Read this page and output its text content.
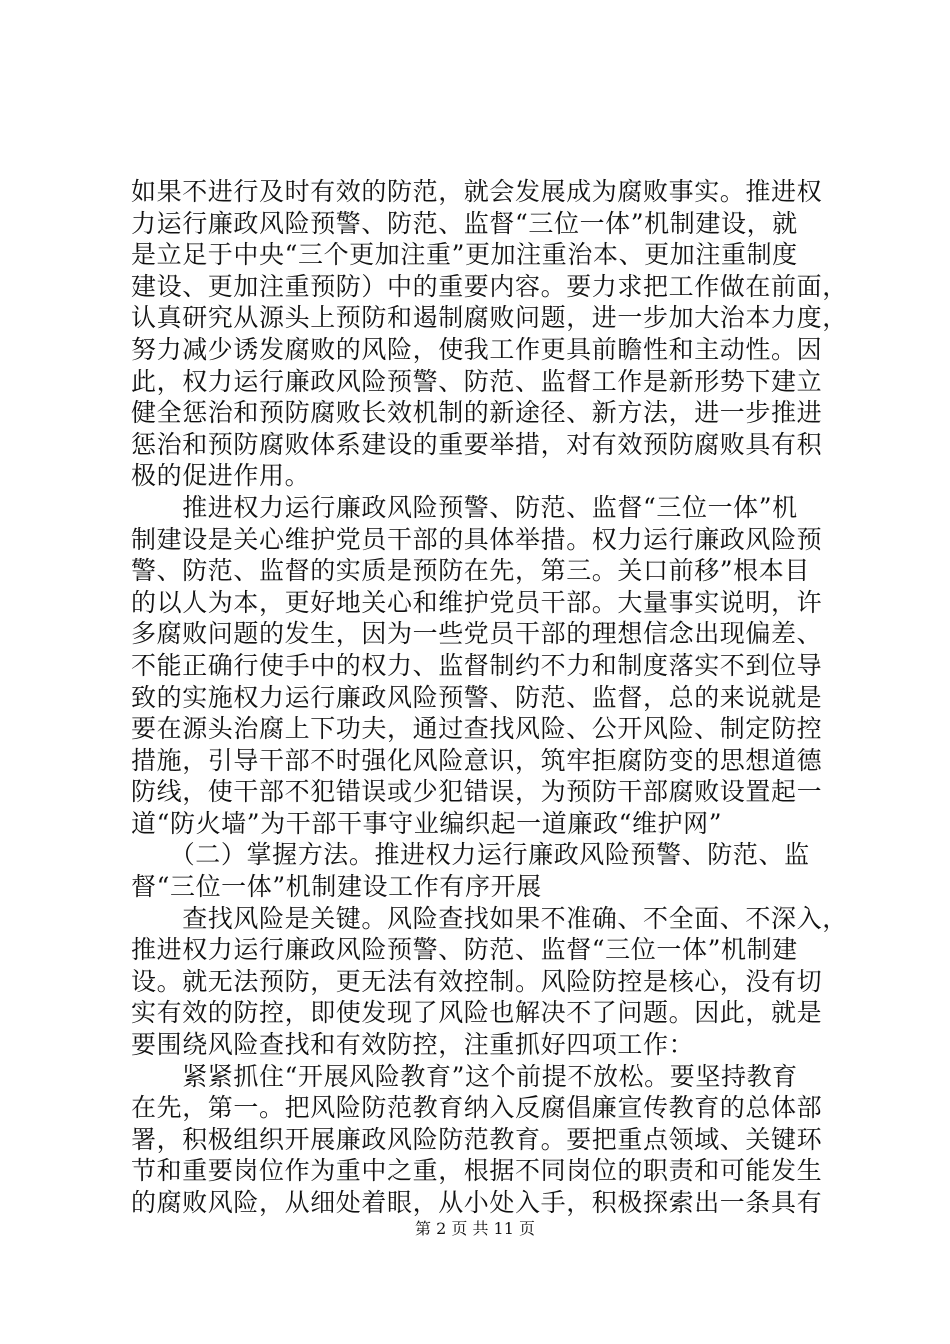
如果不进行及时有效的防范，就会发展成为腐败事实。推进权
力运行廉政风险预警、防范、监督“三位一体”机制建设，就
是立足于中央“三个更加注重”更加注重治本、更加注重制度
建设、更加注重预防）中的重要内容。要力求把工作做在前面，
认真研究从源头上预防和遏制腐败问题，进一步加大治本力度，
努力减少诱发腐败的风险，使我工作更具前瞻性和主动性。因
此，权力运行廉政风险预警、防范、监督工作是新形势下建立
健全惩治和预防腐败长效机制的新途径、新方法，进一步推进
惩治和预防腐败体系建设的重要举措，对有效预防腐败具有积
极的促进作用。
　　推进权力运行廉政风险预警、防范、监督“三位一体”机
制建设是关心维护党员干部的具体举措。权力运行廉政风险预
警、防范、监督的实质是预防在先，第三。关口前移”根本目
的以人为本，更好地关心和维护党员干部。大量事实说明，许
多腐败问题的发生，因为一些党员干部的理想信念出现偏差、
不能正确行使手中的权力、监督制约不力和制度落实不到位导
致的实施权力运行廉政风险预警、防范、监督，总的来说就是
要在源头治腐上下功夫，通过查找风险、公开风险、制定防控
措施，引导干部不时强化风险意识，筑牢拒腐防变的思想道德
防线，使干部不犯错误或少犯错误，为预防干部腐败设置起一
道“防火墙”为干部干事守业编织起一道廉政“维护网”
　　（二）掌握方法。推进权力运行廉政风险预警、防范、监
督“三位一体”机制建设工作有序开展
　　查找风险是关键。风险查找如果不准确、不全面、不深入，
推进权力运行廉政风险预警、防范、监督“三位一体”机制建
设。就无法预防，更无法有效控制。风险防控是核心，没有切
实有效的防控，即使发现了风险也解决不了问题。因此，就是
要围绕风险查找和有效防控，注重抓好四项工作：
　　紧紧抓住“开展风险教育”这个前提不放松。要坚持教育
在先，第一。把风险防范教育纳入反腐倡廉宣传教育的总体部
署，积极组织开展廉政风险防范教育。要把重点领域、关键环
节和重要岗位作为重中之重，根据不同岗位的职责和可能发生
的腐败风险，从细处着眼，从小处入手，积极探索出一条具有
第 2 页 共 11 页
